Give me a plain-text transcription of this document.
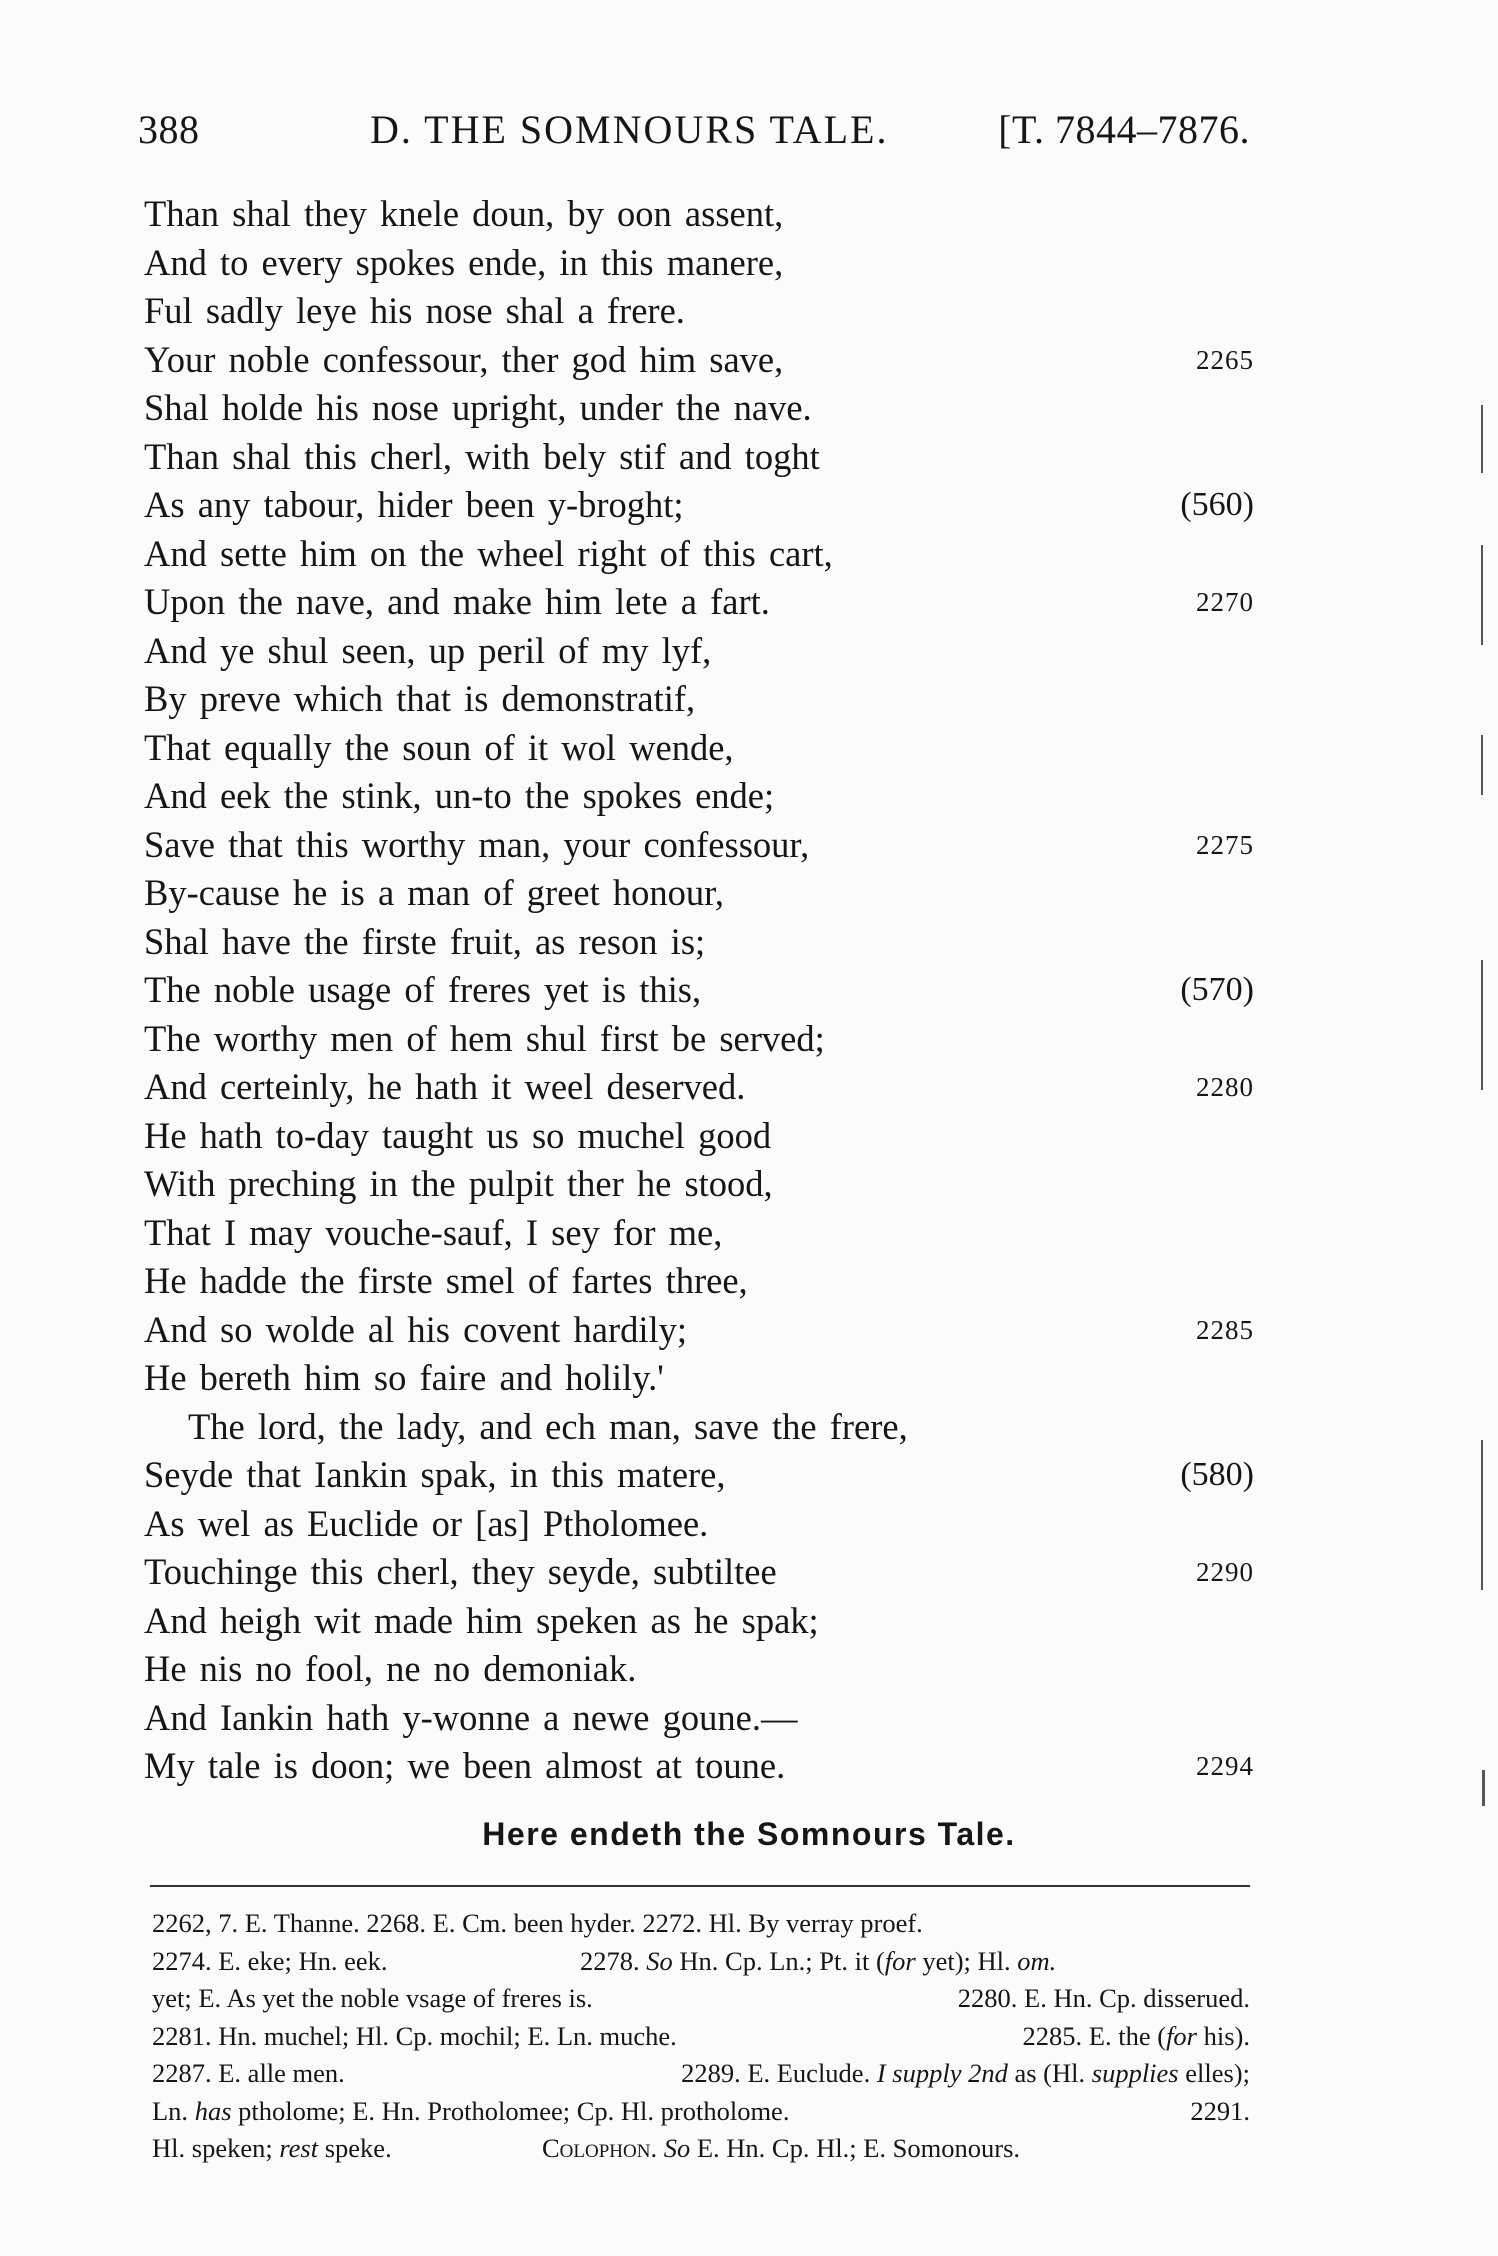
388	D. THE SOMNOURS TALE.	[T. 7844–7876.
Than shal they knele doun, by oon assent,
And to every spokes ende, in this manere,
Ful sadly leye his nose shal a frere.
Your noble confessour, ther god him save,	2265
Shal holde his nose upright, under the nave.
Than shal this cherl, with bely stif and toght
As any tabour, hider been y-broght;	(560)
And sette him on the wheel right of this cart,
Upon the nave, and make him lete a fart.	2270
And ye shul seen, up peril of my lyf,
By preve which that is demonstratif,
That equally the soun of it wol wende,
And eek the stink, un-to the spokes ende;
Save that this worthy man, your confessour,	2275
By-cause he is a man of greet honour,
Shal have the firste fruit, as reson is;
The noble usage of freres yet is this,	(570)
The worthy men of hem shul first be served;
And certeinly, he hath it weel deserved.	2280
He hath to-day taught us so muchel good
With preching in the pulpit ther he stood,
That I may vouche-sauf, I sey for me,
He hadde the firste smel of fartes three,
And so wolde al his covent hardily;	2285
He bereth him so faire and holily.'
The lord, the lady, and ech man, save the frere,
Seyde that Iankin spak, in this matere,	(580)
As wel as Euclide or [as] Ptholomee.
Touchinge this cherl, they seyde, subtiltee	2290
And heigh wit made him speken as he spak;
He nis no fool, ne no demoniak.
And Iankin hath y-wonne a newe goune.—
My tale is doon; we been almost at toune.	2294
Here endeth the Somnours Tale.
2262, 7. E. Thanne. 2268. E. Cm. been hyder. 2272. Hl. By verray proef.
2274. E. eke; Hn. eek.	2278. So Hn. Cp. Ln.; Pt. it (for yet); Hl. om.
yet; E. As yet the noble vsage of freres is.	2280. E. Hn. Cp. disserued.
2281. Hn. muchel; Hl. Cp. mochil; E. Ln. muche.	2285. E. the (for his).
2287. E. alle men.	2289. E. Euclude. I supply 2nd as (Hl. supplies elles);
Ln. has ptholome; E. Hn. Protholomee; Cp. Hl. protholome.	2291.
Hl. speken; rest speke.	Colophon. So E. Hn. Cp. Hl.; E. Somonours.
